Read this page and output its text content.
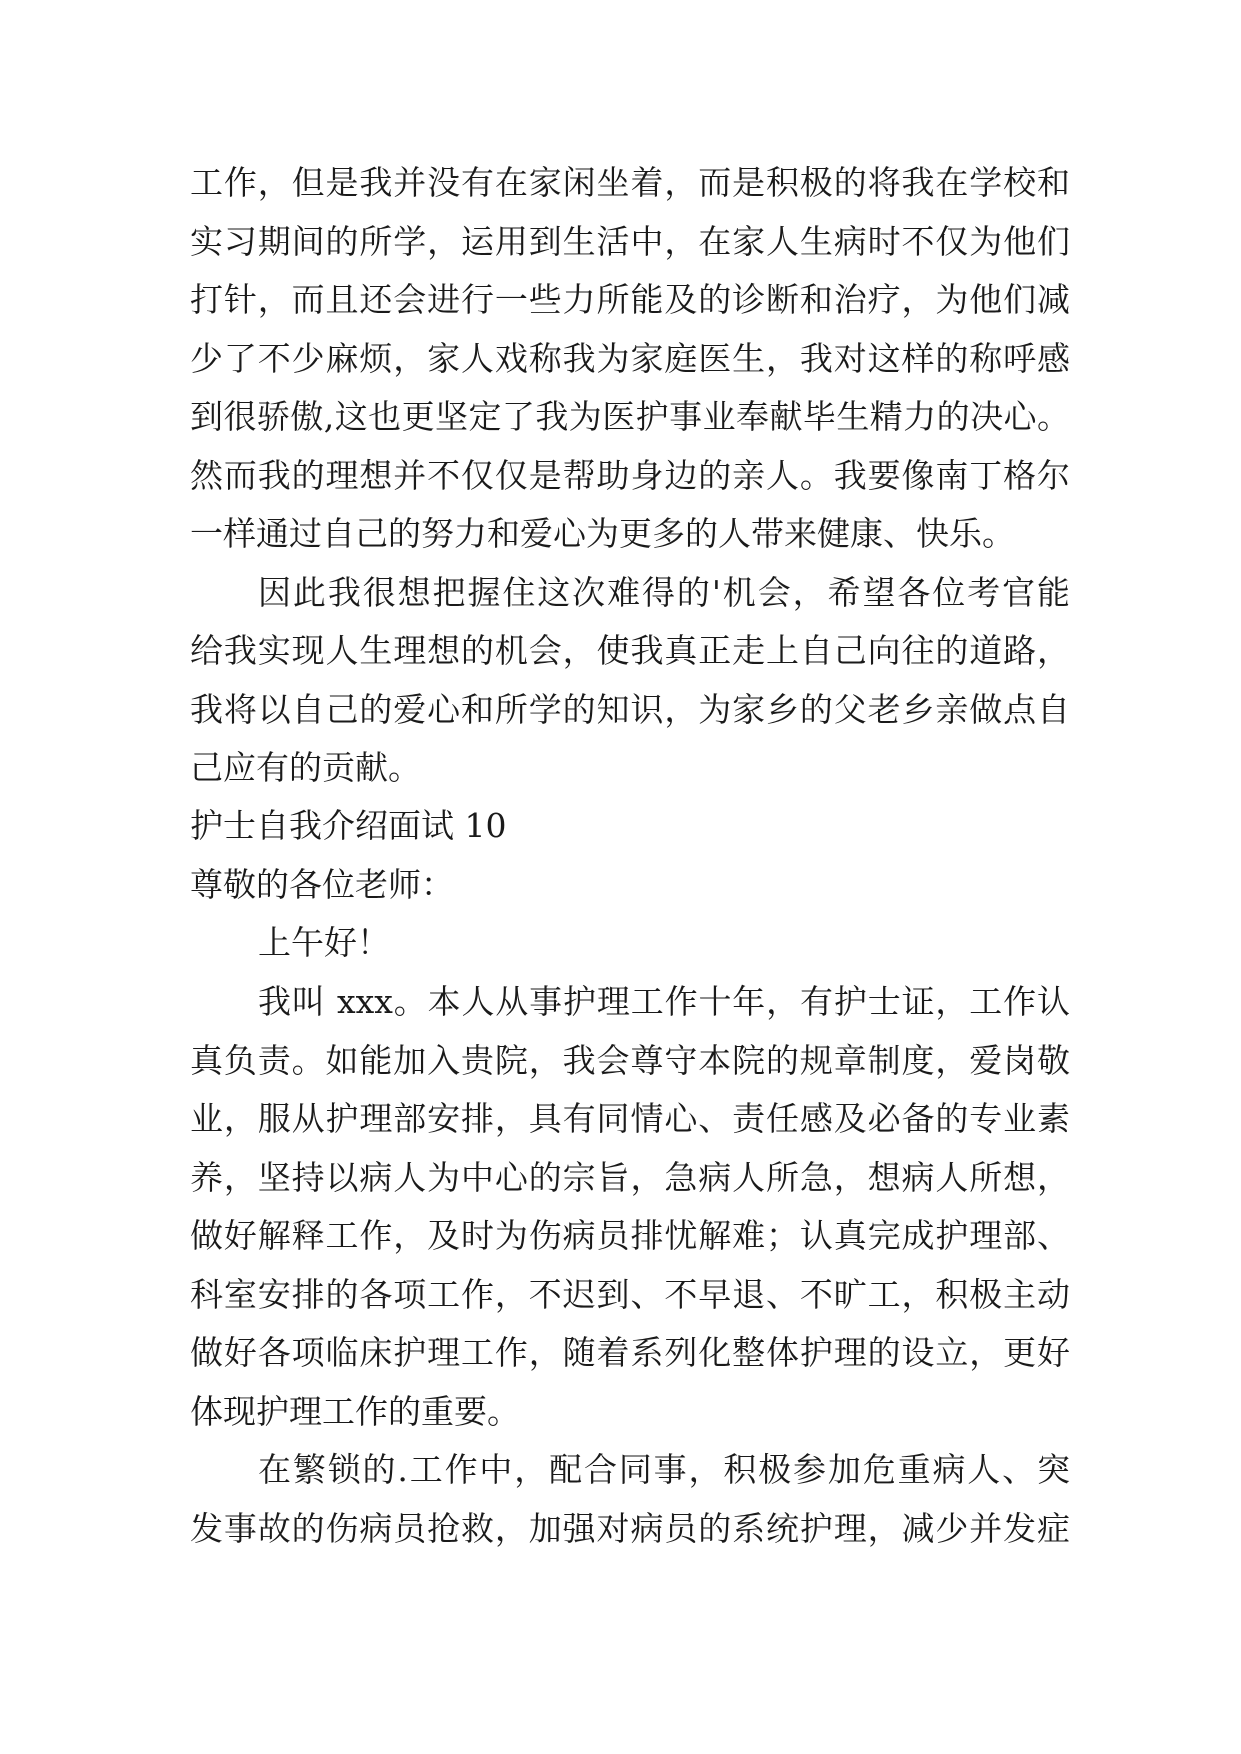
工作，但是我并没有在家闲坐着，而是积极的将我在学校和
实习期间的所学，运用到生活中，在家人生病时不仅为他们
打针，而且还会进行一些力所能及的诊断和治疗，为他们减
少了不少麻烦，家人戏称我为家庭医生，我对这样的称呼感
到很骄傲,这也更坚定了我为医护事业奉献毕生精力的决心。
然而我的理想并不仅仅是帮助身边的亲人。我要像南丁格尔
一样通过自己的努力和爱心为更多的人带来健康、快乐。
因此我很想把握住这次难得的'机会，希望各位考官能
给我实现人生理想的机会，使我真正走上自己向往的道路，
我将以自己的爱心和所学的知识，为家乡的父老乡亲做点自
己应有的贡献。
护士自我介绍面试 10
尊敬的各位老师：
上午好！
我叫 xxx。本人从事护理工作十年，有护士证，工作认
真负责。如能加入贵院，我会尊守本院的规章制度，爱岗敬
业，服从护理部安排，具有同情心、责任感及必备的专业素
养，坚持以病人为中心的宗旨，急病人所急，想病人所想，
做好解释工作，及时为伤病员排忧解难；认真完成护理部、
科室安排的各项工作，不迟到、不早退、不旷工，积极主动
做好各项临床护理工作，随着系列化整体护理的设立，更好
体现护理工作的重要。
在繁锁的.工作中，配合同事，积极参加危重病人、突
发事故的伤病员抢救，加强对病员的系统护理，减少并发症
